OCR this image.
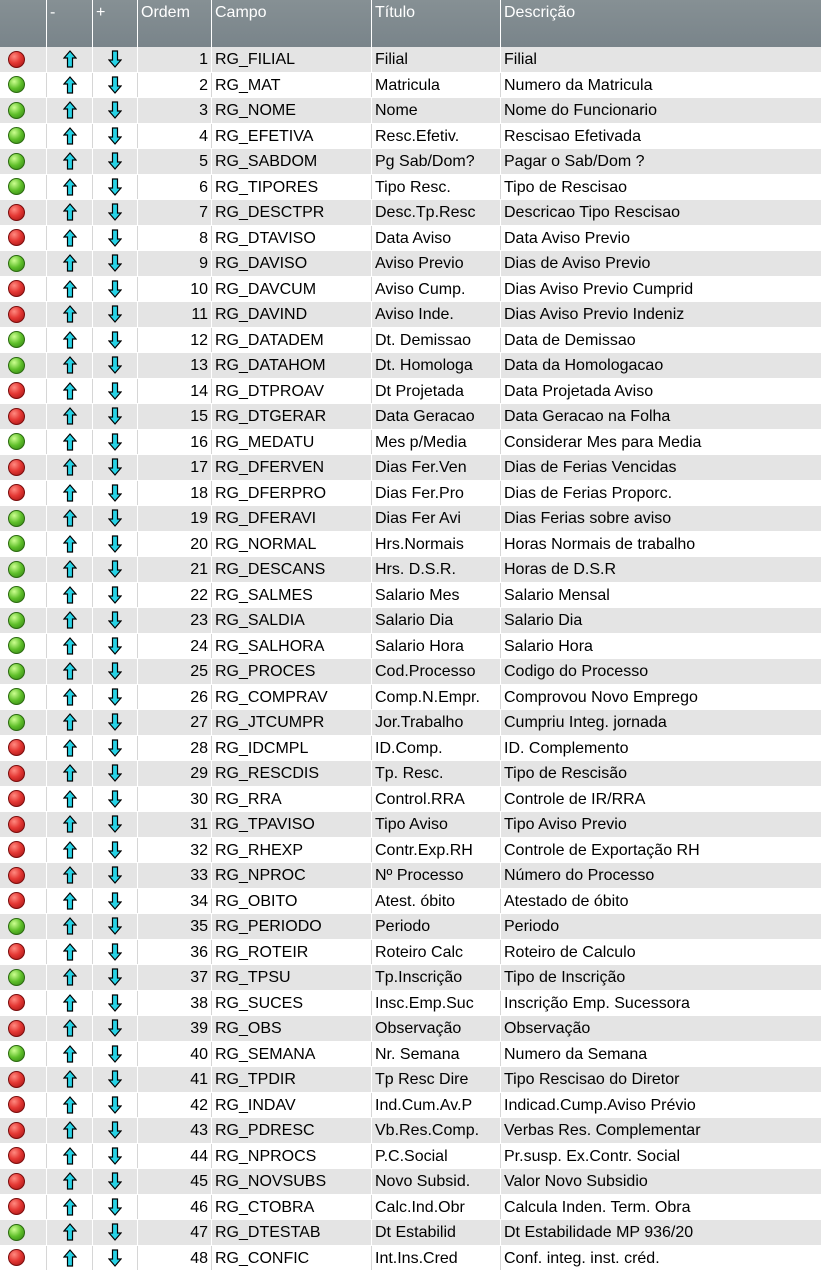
-	+	Ordem	Campo	Título	Descrição
1 RG_FILIAL	Filial	Filial
2 RG_MAT	Matricula	Numero da Matricula
3 RG_NOME	Nome	Nome do Funcionario
4 RG_EFETIVA	Resc.Efetiv.	Rescisao Efetivada
5 RG_SABDOM	Pg Sab/Dom?	Pagar o Sab/Dom ?
6 RG_TIPORES	Tipo Resc.	Tipo de Rescisao
7 RG_DESCTPR	Desc.Tp.Resc	Descricao Tipo Rescisao
8 RG_DTAVISO	Data Aviso	Data Aviso Previo
9 RG_DAVISO	Aviso Previo	Dias de Aviso Previo
10 RG_DAVCUM	Aviso Cump.	Dias Aviso Previo Cumprid
11 RG_DAVIND	Aviso Inde.	Dias Aviso Previo Indeniz
12 RG_DATADEM	Dt. Demissao	Data de Demissao
13 RG_DATAHOM	Dt. Homologa	Data da Homologacao
14 RG_DTPROAV	Dt Projetada	Data Projetada Aviso
15 RG_DTGERAR	Data Geracao	Data Geracao na Folha
16 RG_MEDATU	Mes p/Media	Considerar Mes para Media
17 RG_DFERVEN	Dias Fer.Ven	Dias de Ferias Vencidas
18 RG_DFERPRO	Dias Fer.Pro	Dias de Ferias Proporc.
19 RG_DFERAVI	Dias Fer Avi	Dias Ferias sobre aviso
20 RG_NORMAL	Hrs.Normais	Horas Normais de trabalho
21 RG_DESCANS	Hrs. D.S.R.	Horas de D.S.R
22 RG_SALMES	Salario Mes	Salario Mensal
23 RG_SALDIA	Salario Dia	Salario Dia
24 RG_SALHORA	Salario Hora	Salario Hora
25 RG_PROCES	Cod.Processo	Codigo do Processo
26 RG_COMPRAV	Comp.N.Empr.	Comprovou Novo Emprego
27 RG_JTCUMPR	Jor.Trabalho	Cumpriu Integ. jornada
28 RG_IDCMPL	ID.Comp.	ID. Complemento
29 RG_RESCDIS	Tp. Resc.	Tipo de Rescisão
30 RG_RRA	Control.RRA	Controle de IR/RRA
31 RG_TPAVISO	Tipo Aviso	Tipo Aviso Previo
32 RG_RHEXP	Contr.Exp.RH	Controle de Exportação RH
33 RG_NPROC	Nº Processo	Número do Processo
34 RG_OBITO	Atest. óbito	Atestado de óbito
35 RG_PERIODO	Periodo	Periodo
36 RG_ROTEIR	Roteiro Calc	Roteiro de Calculo
37 RG_TPSU	Tp.Inscrição	Tipo de Inscrição
38 RG_SUCES	Insc.Emp.Suc	Inscrição Emp. Sucessora
39 RG_OBS	Observação	Observação
40 RG_SEMANA	Nr. Semana	Numero da Semana
41 RG_TPDIR	Tp Resc Dire	Tipo Rescisao do Diretor
42 RG_INDAV	Ind.Cum.Av.P	Indicad.Cump.Aviso Prévio
43 RG_PDRESC	Vb.Res.Comp.	Verbas Res. Complementar
44 RG_NPROCS	P.C.Social	Pr.susp. Ex.Contr. Social
45 RG_NOVSUBS	Novo Subsid.	Valor Novo Subsidio
46 RG_CTOBRA	Calc.Ind.Obr	Calcula Inden. Term. Obra
47 RG_DTESTAB	Dt Estabilid	Dt Estabilidade MP 936/20
48 RG_CONFIC	Int.Ins.Cred	Conf. integ. inst. créd.
